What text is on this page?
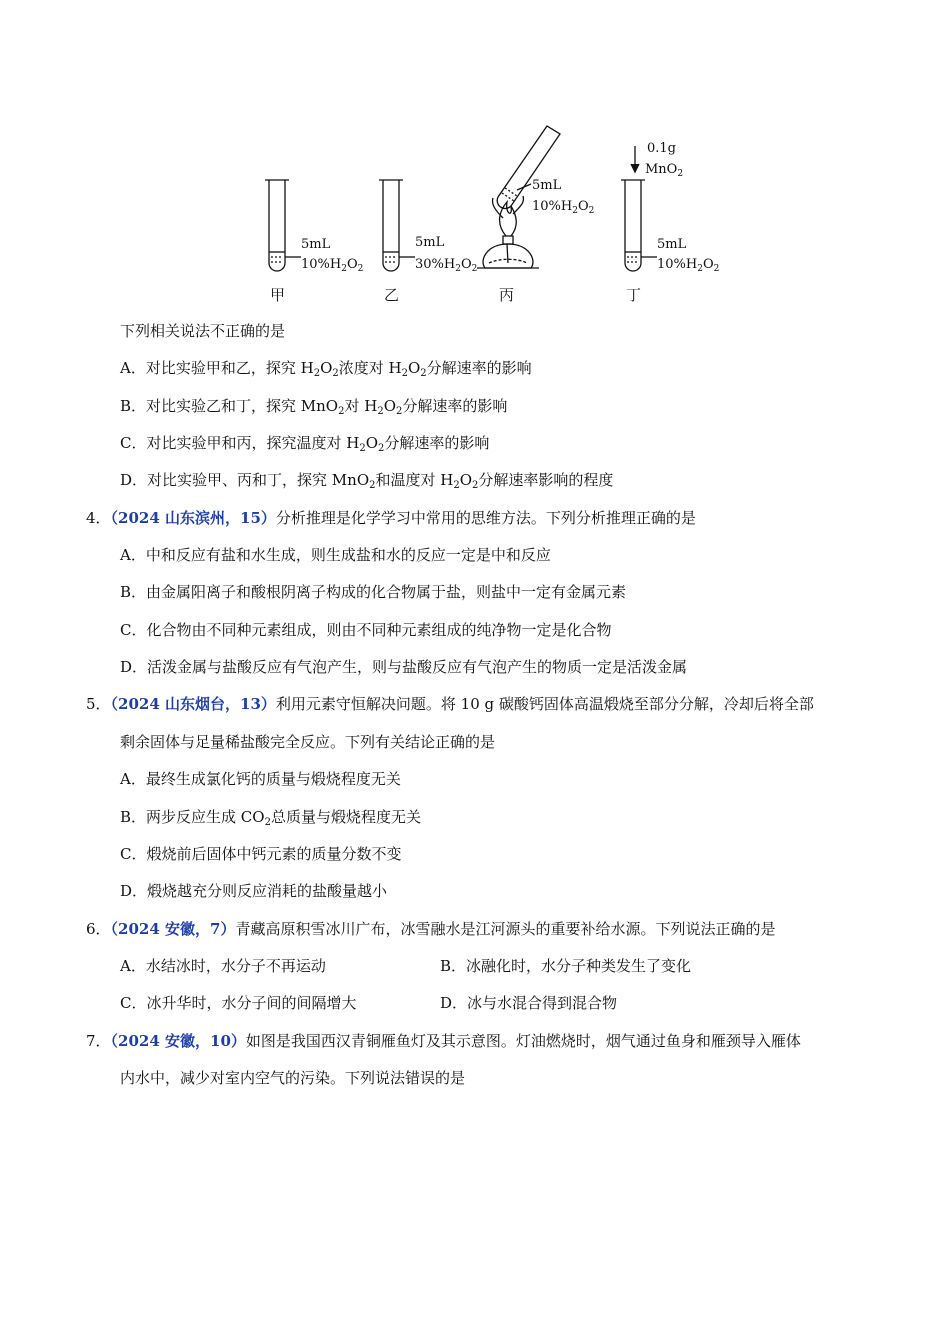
5mL
$10\%H_2O_2$
甲
5mL
$30\%H_2O_2$
乙
5mL
$10\%H_2O_2$
丙
0.1g
MnO$_2$
5mL
$10\%H_2O_2$
丁
下列相关说法不正确的是
A．对比实验甲和乙，探究 $H_2O_2$浓度对 $H_2O_2$分解速率的影响
B．对比实验乙和丁，探究 MnO$_2$对 $H_2O_2$分解速率的影响
C．对比实验甲和丙，探究温度对 $H_2O_2$分解速率的影响
D．对比实验甲、丙和丁，探究 MnO$_2$和温度对 $H_2O_2$分解速率影响的程度
4．（2024 山东滨州，15）分析推理是化学学习中常用的思维方法。下列分析推理正确的是
A．中和反应有盐和水生成，则生成盐和水的反应一定是中和反应
B．由金属阳离子和酸根阴离子构成的化合物属于盐，则盐中一定有金属元素
C．化合物由不同种元素组成，则由不同种元素组成的纯净物一定是化合物
D．活泼金属与盐酸反应有气泡产生，则与盐酸反应有气泡产生的物质一定是活泼金属
5．（2024 山东烟台，13）利用元素守恒解决问题。将 10 g 碳酸钙固体高温煅烧至部分分解，冷却后将全部
剩余固体与足量稀盐酸完全反应。下列有关结论正确的是
A．最终生成氯化钙的质量与煅烧程度无关
B．两步反应生成 $CO_2$总质量与煅烧程度无关
C．煅烧前后固体中钙元素的质量分数不变
D．煅烧越充分则反应消耗的盐酸量越小
6．（2024 安徽，7）青藏高原积雪冰川广布，冰雪融水是江河源头的重要补给水源。下列说法正确的是
A．水结冰时，水分子不再运动	B．冰融化时，水分子种类发生了变化
C．冰升华时，水分子间的间隔增大	D．冰与水混合得到混合物
7．（2024 安徽，10）如图是我国西汉青铜雁鱼灯及其示意图。灯油燃烧时，烟气通过鱼身和雁颈导入雁体
内水中，减少对室内空气的污染。下列说法错误的是
